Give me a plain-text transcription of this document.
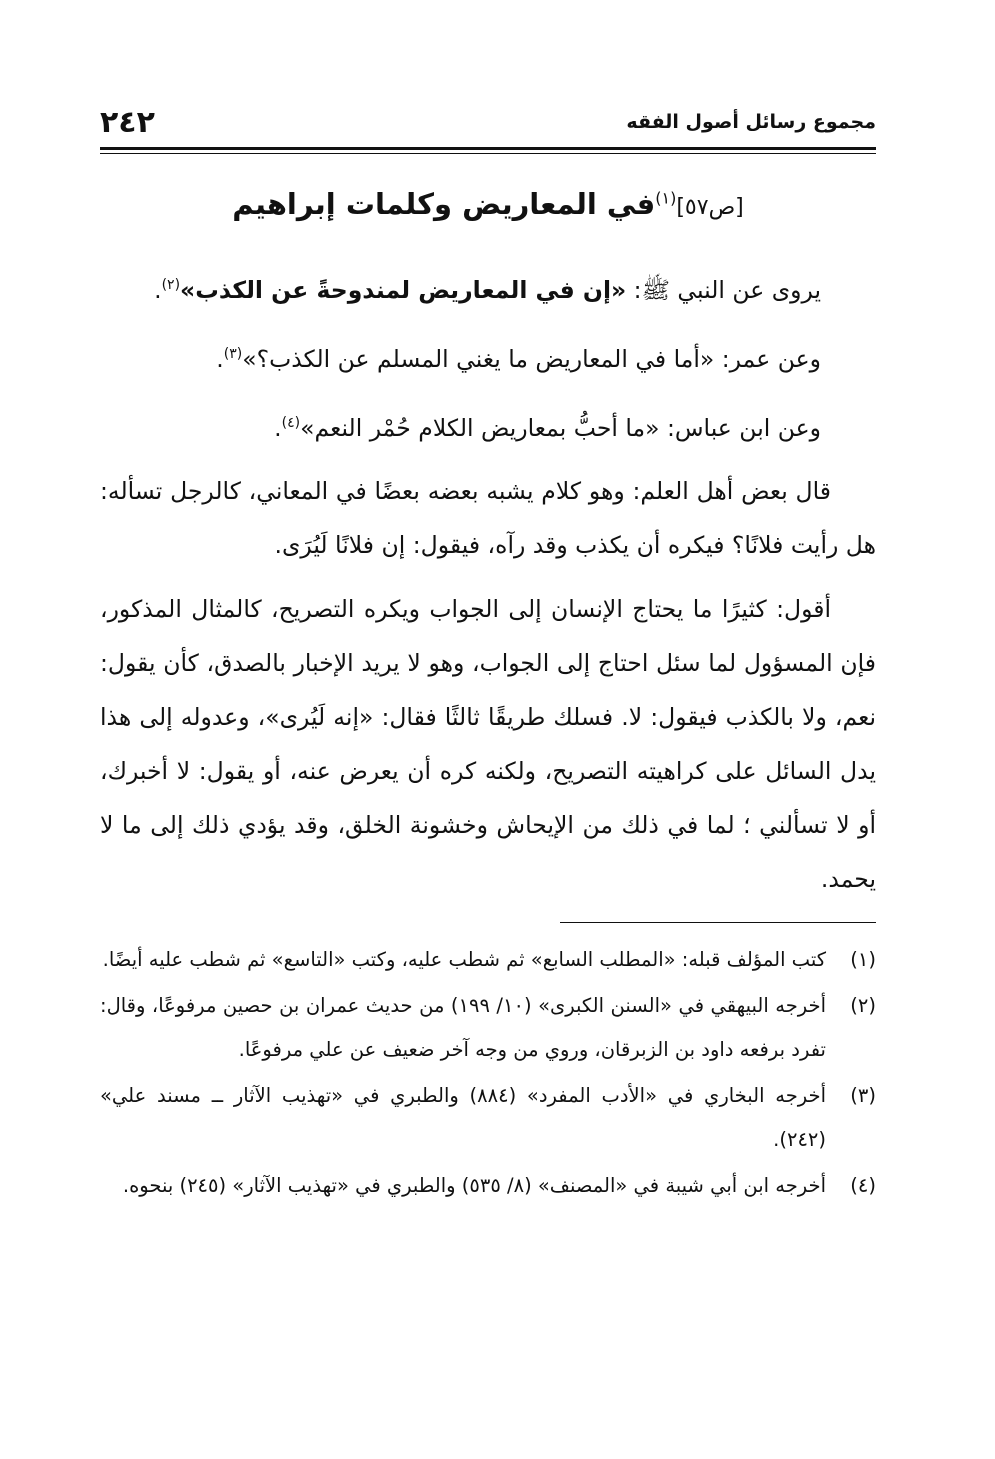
مجموع رسائل أصول الفقه
٢٤٢
[ص٥٧]$^{(١)}$في المعاريض وكلمات إبراهيم

يروى عن النبي ﷺ: «إن في المعاريض لمندوحةً عن الكذب»$^{(٢)}$.

وعن عمر: «أما في المعاريض ما يغني المسلم عن الكذب؟»$^{(٣)}$.

وعن ابن عباس: «ما أحبُّ بمعاريض الكلام حُمْر النعم»$^{(٤)}$.

قال بعض أهل العلم: وهو كلام يشبه بعضه بعضًا في المعاني، كالرجل تسأله: هل رأيت فلانًا؟ فيكره أن يكذب وقد رآه، فيقول: إن فلانًا لَيُرَى.

أقول: كثيرًا ما يحتاج الإنسان إلى الجواب ويكره التصريح، كالمثال المذكور، فإن المسؤول لما سئل احتاج إلى الجواب، وهو لا يريد الإخبار بالصدق، كأن يقول: نعم، ولا بالكذب فيقول: لا. فسلك طريقًا ثالثًا فقال: «إنه لَيُرى»، وعدوله إلى هذا يدل السائل على كراهيته التصريح، ولكنه كره أن يعرض عنه، أو يقول: لا أخبرك، أو لا تسألني ؛ لما في ذلك من الإيحاش وخشونة الخلق، وقد يؤدي ذلك إلى ما لا يحمد.

(١)
كتب المؤلف قبله: «المطلب السابع» ثم شطب عليه، وكتب «التاسع» ثم شطب عليه أيضًا.
(٢)
أخرجه البيهقي في «السنن الكبرى» (١٠/ ١٩٩) من حديث عمران بن حصين مرفوعًا، وقال: تفرد برفعه داود بن الزبرقان، وروي من وجه آخر ضعيف عن علي مرفوعًا.
(٣)
أخرجه البخاري في «الأدب المفرد» (٨٨٤) والطبري في «تهذيب الآثار ــ مسند علي» (٢٤٢).
(٤)
أخرجه ابن أبي شيبة في «المصنف» (٨/ ٥٣٥) والطبري في «تهذيب الآثار» (٢٤٥) بنحوه.
